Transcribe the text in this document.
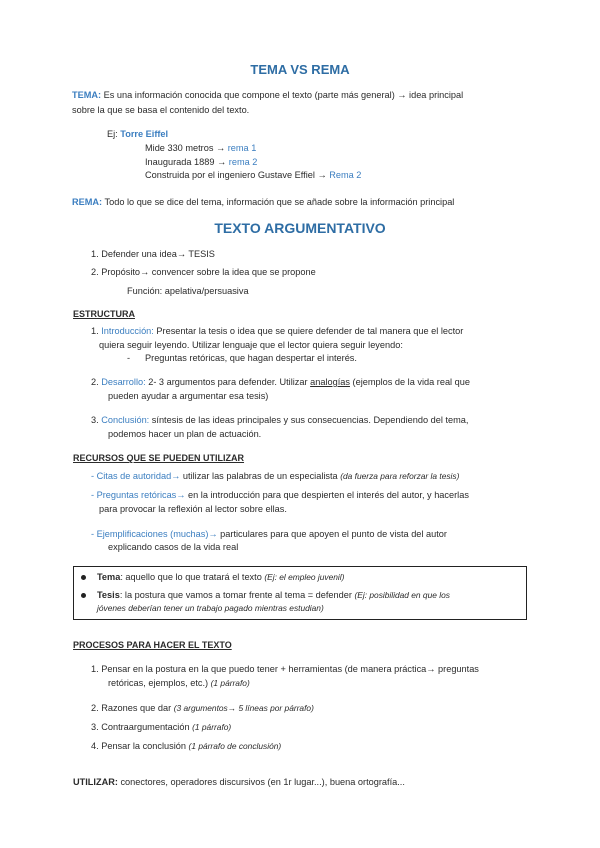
TEMA VS REMA
TEMA: Es una información conocida que compone el texto (parte más general) → idea principal
sobre la que se basa el contenido del texto.
Ej: Torre Eiffel
Mide 330 metros → rema 1
Inaugurada 1889 → rema 2
Construida por el ingeniero Gustave Effiel → Rema 2
REMA: Todo lo que se dice del tema, información que se añade sobre la información principal
TEXTO ARGUMENTATIVO
1. Defender una idea→ TESIS
2. Propósito→ convencer sobre la idea que se propone
Función: apelativa/persuasiva
ESTRUCTURA
1. Introducción: Presentar la tesis o idea que se quiere defender de tal manera que el lector
quiera seguir leyendo. Utilizar lenguaje que el lector quiera seguir leyendo:
- Preguntas retóricas, que hagan despertar el interés.
2. Desarrollo: 2- 3 argumentos para defender. Utilizar analogías (ejemplos de la vida real que
pueden ayudar a argumentar esa tesis)
3. Conclusión: síntesis de las ideas principales y sus consecuencias. Dependiendo del tema,
podemos hacer un plan de actuación.
RECURSOS QUE SE PUEDEN UTILIZAR
- Citas de autoridad→ utilizar las palabras de un especialista (da fuerza para reforzar la tesis)
- Preguntas retóricas→ en la introducción para que despierten el interés del autor, y hacerlas
para provocar la reflexión al lector sobre ellas.
- Ejemplificaciones (muchas)→ particulares para que apoyen el punto de vista del autor
explicando casos de la vida real
Tema: aquello que lo que tratará el texto (Ej: el empleo juvenil)
Tesis: la postura que vamos a tomar frente al tema = defender (Ej: posibilidad en que los
jóvenes deberían tener un trabajo pagado mientras estudian)
PROCESOS PARA HACER EL TEXTO
1. Pensar en la postura en la que puedo tener + herramientas (de manera práctica→ preguntas
retóricas, ejemplos, etc.) (1 párrafo)
2. Razones que dar (3 argumentos→ 5 líneas por párrafo)
3. Contraargumentación (1 párrafo)
4. Pensar la conclusión (1 párrafo de conclusión)
UTILIZAR: conectores, operadores discursivos (en 1r lugar...), buena ortografía...
